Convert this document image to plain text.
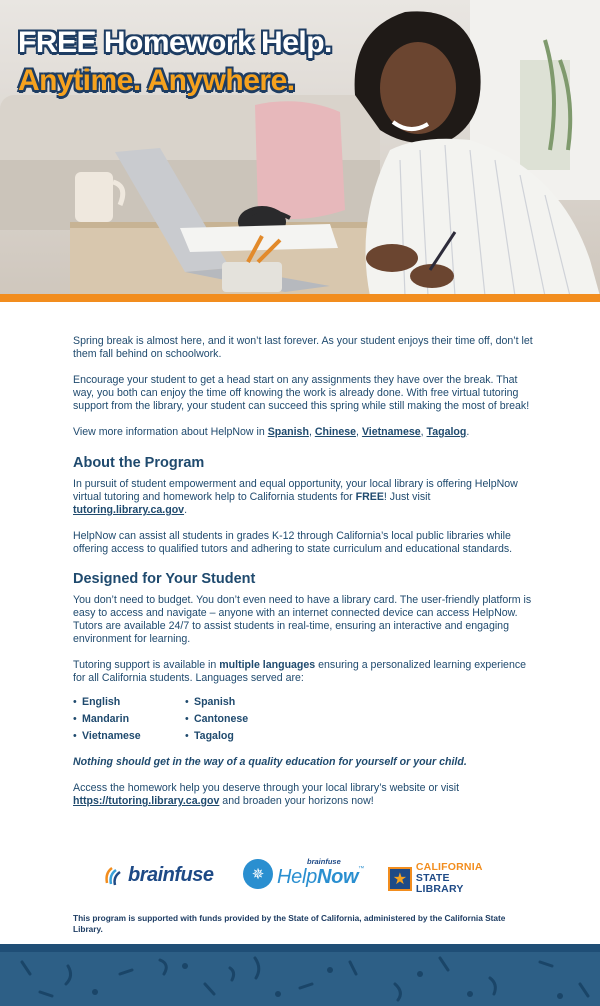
FREE Homework Help.
Anytime. Anywhere.

Spring break is almost here, and it won’t last forever. As your student enjoys their time off, don’t let them fall behind on schoolwork.

Encourage your student to get a head start on any assignments they have over the break. That way, you both can enjoy the time off knowing the work is already done. With free virtual tutoring support from the library, your student can succeed this spring while still making the most of break!

View more information about HelpNow in Spanish, Chinese, Vietnamese, Tagalog.

About the Program

In pursuit of student empowerment and equal opportunity, your local library is offering HelpNow virtual tutoring and homework help to California students for FREE! Just visit tutoring.library.ca.gov.

HelpNow can assist all students in grades K-12 through California’s local public libraries while offering access to qualified tutors and adhering to state curriculum and educational standards.

Designed for Your Student

You don’t need to budget. You don’t even need to have a library card. The user-friendly platform is easy to access and navigate – anyone with an internet connected device can access HelpNow. Tutors are available 24/7 to assist students in real-time, ensuring an interactive and engaging environment for learning.

Tutoring support is available in multiple languages ensuring a personalized learning experience for all California students. Languages served are:

• English	• Spanish
• Mandarin	• Cantonese
• Vietnamese	• Tagalog

Nothing should get in the way of a quality education for yourself or your child.

Access the homework help you deserve through your local library’s website or visit https://tutoring.library.ca.gov and broaden your horizons now!

brainfuse	✵
brainfuse
HelpNow™
★
CALIFORNIA
STATE LIBRARY
This program is supported with funds provided by the State of California, administered by the California State Library.
